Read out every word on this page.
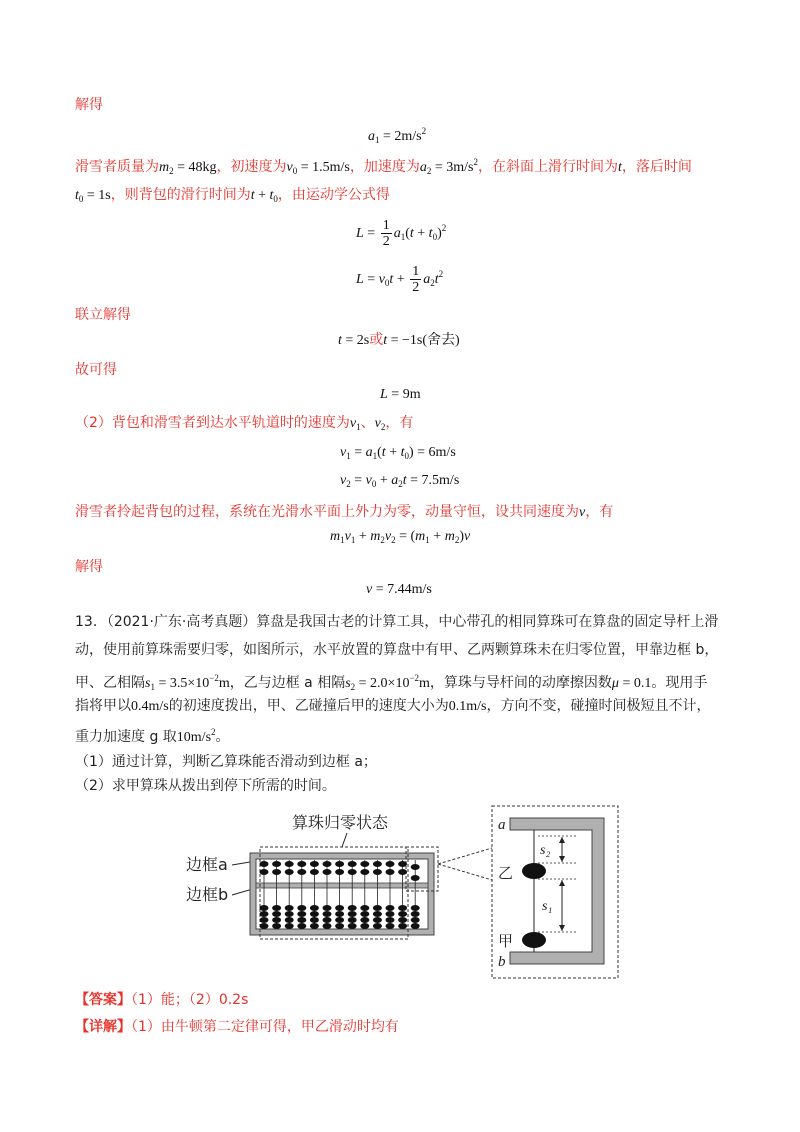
解得
$a_1 = 2m/s^2$
滑雪者质量为$m_2 = 48kg$，初速度为$v_0 = 1.5m/s$，加速度为$a_2 = 3m/s^2$，在斜面上滑行时间为t，落后时间
$t_0 = 1s$，则背包的滑行时间为$t + t_0$，由运动学公式得
$L = \frac{1}{2} a_1(t + t_0)^2$
$L = v_0t + \frac{1}{2} a_2t^2$
联立解得
t = 2s或t = −1s(舍去)
故可得
L = 9m
（2）背包和滑雪者到达水平轨道时的速度为$v_1$、$v_2$，有
$v_1 = a_1(t + t_0) = 6m/s$
$v_2 = v_0 + a_2t = 7.5m/s$
滑雪者拎起背包的过程，系统在光滑水平面上外力为零，动量守恒，设共同速度为v，有
$m_1v_1 + m_2v_2 = (m_1 + m_2)v$
解得
v = 7.44m/s
13．（2021·广东·高考真题）算盘是我国古老的计算工具，中心带孔的相同算珠可在算盘的固定导杆上滑
动，使用前算珠需要归零，如图所示，水平放置的算盘中有甲、乙两颗算珠未在归零位置，甲靠边框 b，
甲、乙相隔$s_1 = 3.5\times 10^{-2}m$，乙与边框 a 相隔$s_2 = 2.0\times 10^{-2}m$，算珠与导杆间的动摩擦因数μ = 0.1。现用手
指将甲以0.4m/s的初速度拨出，甲、乙碰撞后甲的速度大小为0.1m/s，方向不变，碰撞时间极短且不计，
重力加速度 g 取$10m/s^2$。
（1）通过计算，判断乙算珠能否滑动到边框 a；
（2）求甲算珠从拨出到停下所需的时间。
算珠归零状态
边框a
边框b
a
b
s₂
s₁
乙
甲
【答案】（1）能；（2）0.2s
【详解】（1）由牛顿第二定律可得，甲乙滑动时均有
